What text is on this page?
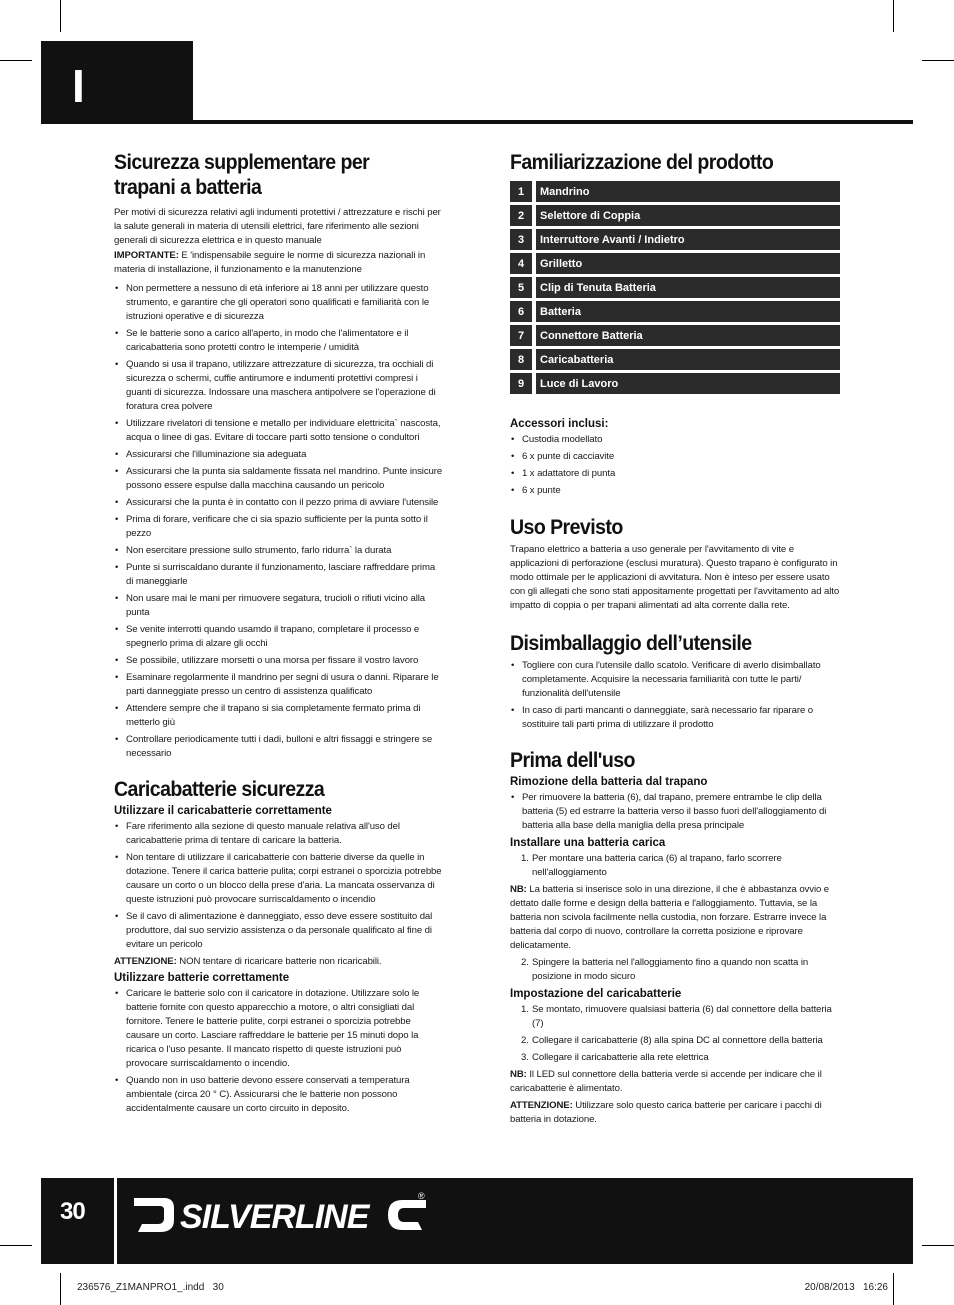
I
Sicurezza supplementare per trapani a batteria

Per motivi di sicurezza relativi agli indumenti protettivi / attrezzature e rischi per la salute generali in materia di utensili elettrici, fare riferimento alle sezioni generali di sicurezza elettrica e in questo manuale

IMPORTANTE: E 'indispensabile seguire le norme di sicurezza nazionali in materia di installazione, il funzionamento e la manutenzione

• Non permettere a nessuno di età inferiore ai 18 anni per utilizzare questo strumento, e garantire che gli operatori sono qualificati e familiarità con le istruzioni operative e di sicurezza
• Se le batterie sono a carico all'aperto, in modo che l'alimentatore e il caricabatteria sono protetti contro le intemperie / umidità
• Quando si usa il trapano, utilizzare attrezzature di sicurezza, tra occhiali di sicurezza o schermi, cuffie antirumore e indumenti protettivi compresi i guanti di sicurezza. Indossare una maschera antipolvere se l'operazione di foratura crea polvere
• Utilizzare rivelatori di tensione e metallo per individuare elettricita` nascosta, acqua o linee di gas. Evitare di toccare parti sotto tensione o condultori
• Assicurarsi che l'illuminazione sia adeguata
• Assicurarsi che la punta sia saldamente fissata nel mandrino. Punte insicure possono essere espulse dalla macchina causando un pericolo
• Assicurarsi che la punta è in contatto con il pezzo prima di avviare l'utensile
• Prima di forare, verificare che ci sia spazio sufficiente per la punta sotto il pezzo
• Non esercitare pressione sullo strumento, farlo ridurra` la durata
• Punte si surriscaldano durante il funzionamento, lasciare raffreddare prima di maneggiarle
• Non usare mai le mani per rimuovere segatura, trucioli o rifiuti vicino alla punta
• Se venite interrotti quando usamdo il trapano, completare il processo e spegnerlo prima di alzare gli occhi
• Se possibile, utilizzare morsetti o una morsa per fissare il vostro lavoro
• Esaminare regolarmente il mandrino per segni di usura o danni. Riparare le parti danneggiate presso un centro di assistenza qualificato
• Attendere sempre che il trapano si sia completamente fermato prima di metterlo giù
• Controllare periodicamente tutti i dadi, bulloni e altri fissaggi e stringere se necessario
Caricabatterie sicurezza
Utilizzare il caricabatterie correttamente
• Fare riferimento alla sezione di questo manuale relativa all'uso del caricabatterie prima di tentare di caricare la batteria.
• Non tentare di utilizzare il caricabatterie con batterie diverse da quelle in dotazione. Tenere il carica batterie pulita; corpi estranei o sporcizia potrebbe causare un corto o un blocco della prese d'aria. La mancata osservanza di queste istruzioni può provocare surriscaldamento o incendio
• Se il cavo di alimentazione è danneggiato, esso deve essere sostituito dal produttore, dal suo servizio assistenza o da personale qualificato al fine di evitare un pericolo

ATTENZIONE: NON tentare di ricaricare batterie non ricaricabili.

Utilizzare batterie correttamente
• Caricare le batterie solo con il caricatore in dotazione. Utilizzare solo le batterie fornite con questo apparecchio a motore, o altri consigliati dal fornitore. Tenere le batterie pulite, corpi estranei o sporcizia potrebbe causare un corto. Lasciare raffreddare le batterie per 15 minuti dopo la ricarica o l'uso pesante. Il mancato rispetto di queste istruzioni può provocare surriscaldamento o incendio.
• Quando non in uso batterie devono essere conservati a temperatura ambientale (circa 20 ° C). Assicurarsi che le batterie non possono accidentalmente causare un corto circuito in deposito.
Familiarizzazione del prodotto
1		Mandrino
2		Selettore di Coppia
3		Interruttore Avanti / Indietro
4		Grilletto
5		Clip di Tenuta Batteria
6		Batteria
7		Connettore Batteria
8		Caricabatteria
9		Luce di Lavoro
Accessori inclusi:
• Custodia modellato
• 6 x punte di cacciavite
• 1 x adattatore di punta
• 6 x punte
Uso Previsto

Trapano elettrico a batteria a uso generale per l'avvitamento di vite e applicazioni di perforazione (esclusi muratura). Questo trapano è configurato in modo ottimale per le applicazioni di avvitatura. Non è inteso per essere usato con gli allegati che sono stati appositamente progettati per l'avvitamento ad alto impatto di coppia o per trapani alimentati ad alta corrente dalla rete.

Disimballaggio dell’utensile
• Togliere con cura l'utensile dallo scatolo. Verificare di averlo disimballato completamente. Acquisire la necessaria familiarità con tutte le parti/ funzionalità dell'utensile
• In caso di parti mancanti o danneggiate, sarà necessario far riparare o sostituire tali parti prima di utilizzare il prodotto
Prima dell'uso
Rimozione della batteria dal trapano
• Per rimuovere la batteria (6), dal trapano, premere entrambe le clip della batteria (5) ed estrarre la batteria verso il basso fuori dell'alloggiamento di batteria alla base della maniglia della presa principale
Installare una batteria carica
1. Per montare una batteria carica (6) al trapano, farlo scorrere nell'alloggiamento

NB: La batteria si inserisce solo in una direzione, il che è abbastanza ovvio e dettato dalle forme e design della batteria e l'alloggiamento. Tuttavia, se la batteria non scivola facilmente nella custodia, non forzare. Estrarre invece la batteria dal corpo di nuovo, controllare la corretta posizione e riprovare delicatamente.

2. Spingere la batteria nel l'alloggiamento fino a quando non scatta in posizione in modo sicuro
Impostazione del caricabatterie
1. Se montato, rimuovere qualsiasi batteria (6) dal connettore della batteria (7)
2. Collegare il caricabatterie (8) alla spina DC al connettore della batteria
3. Collegare il caricabatterie alla rete elettrica

NB: Il LED sul connettore della batteria verde si accende per indicare che il caricabatterie è alimentato.

ATTENZIONE: Utilizzare solo questo carica batterie per caricare i pacchi di batteria in dotazione.

30	SILVERLINE
®
236576_Z1MANPRO1_.indd   30	20/08/2013   16:26
